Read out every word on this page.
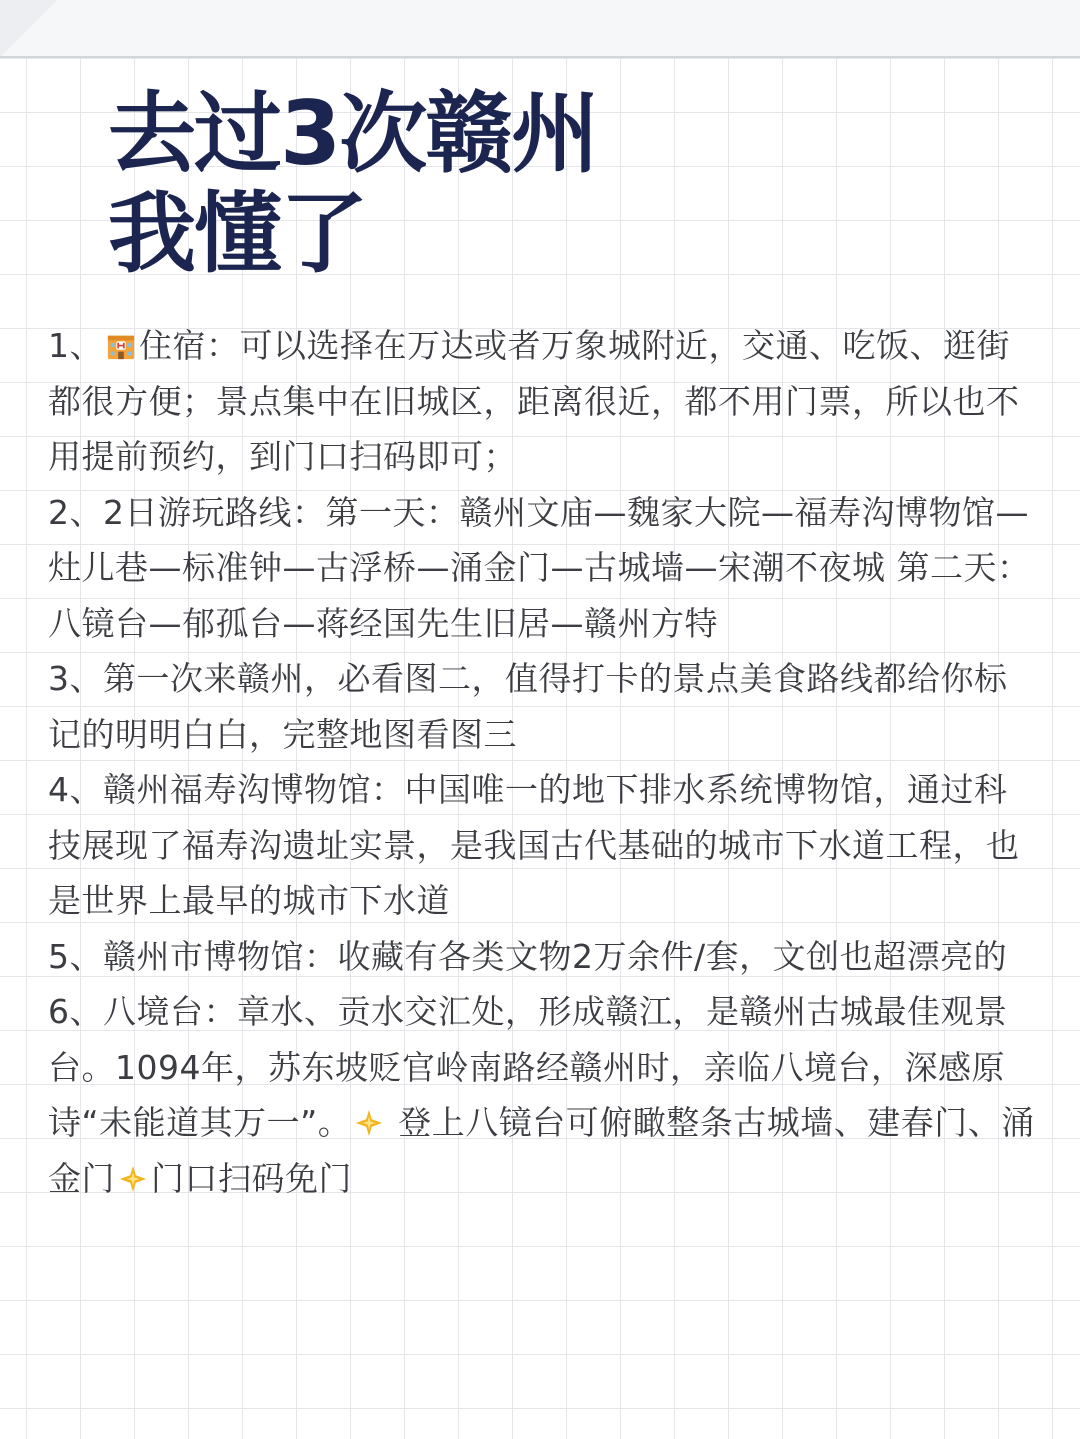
去过3次赣州
我懂了

1、 住宿：可以选择在万达或者万象城附近，交通、吃饭、逛街都很方便；景点集中在旧城区，距离很近，都不用门票，所以也不用提前预约，到门口扫码即可；

2、2日游玩路线：第一天：赣州文庙—魏家大院—福寿沟博物馆—灶儿巷—标准钟—古浮桥—涌金门—古城墙—宋潮不夜城 第二天：八镜台—郁孤台—蒋经国先生旧居—赣州方特

3、第一次来赣州，必看图二，值得打卡的景点美食路线都给你标记的明明白白，完整地图看图三

4、赣州福寿沟博物馆：中国唯一的地下排水系统博物馆，通过科技展现了福寿沟遗址实景，是我国古代基础的城市下水道工程，也是世界上最早的城市下水道

5、赣州市博物馆：收藏有各类文物2万余件/套，文创也超漂亮的

6、八境台：章水、贡水交汇处，形成赣江，是赣州古城最佳观景台。1094年，苏东坡贬官岭南路经赣州时，亲临八境台，深感原诗“未能道其万一”。 登上八镜台可俯瞰整条古城墙、建春门、涌金门 门口扫码免门
